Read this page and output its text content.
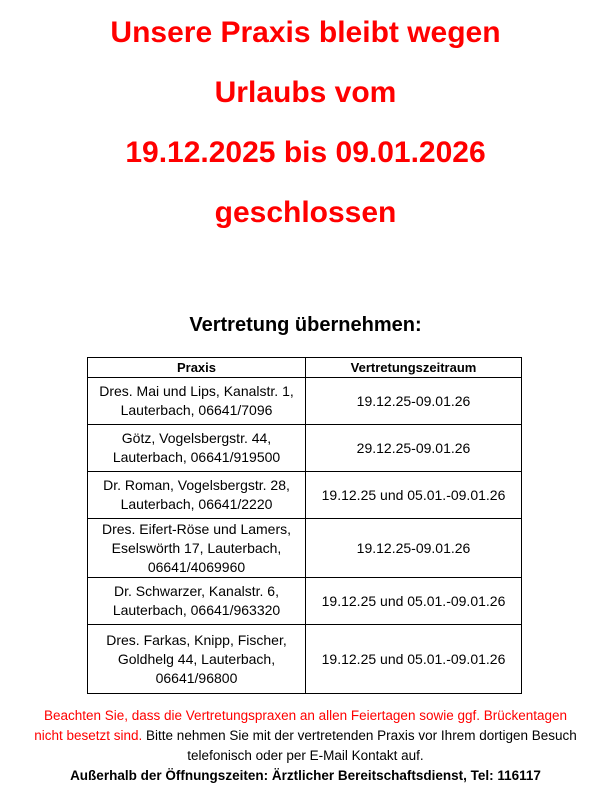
Unsere Praxis bleibt wegen
Urlaubs vom
19.12.2025 bis 09.01.2026
geschlossen
Vertretung übernehmen:
Praxis	Vertretungszeitraum
Dres. Mai und Lips, Kanalstr. 1,
Lauterbach, 06641/7096	19.12.25-09.01.26
Götz, Vogelsbergstr. 44,
Lauterbach, 06641/919500	29.12.25-09.01.26
Dr. Roman, Vogelsbergstr. 28,
Lauterbach, 06641/2220	19.12.25 und 05.01.-09.01.26
Dres. Eifert-Röse und Lamers,
Eselswörth 17, Lauterbach,
06641/4069960	19.12.25-09.01.26
Dr. Schwarzer, Kanalstr. 6,
Lauterbach, 06641/963320	19.12.25 und 05.01.-09.01.26
Dres. Farkas, Knipp, Fischer,
Goldhelg 44, Lauterbach,
06641/96800	19.12.25 und 05.01.-09.01.26
Beachten Sie, dass die Vertretungspraxen an allen Feiertagen sowie ggf. Brückentagen
nicht besetzt sind. Bitte nehmen Sie mit der vertretenden Praxis vor Ihrem dortigen Besuch
telefonisch oder per E-Mail Kontakt auf.
Außerhalb der Öffnungszeiten: Ärztlicher Bereitschaftsdienst, Tel: 116117
